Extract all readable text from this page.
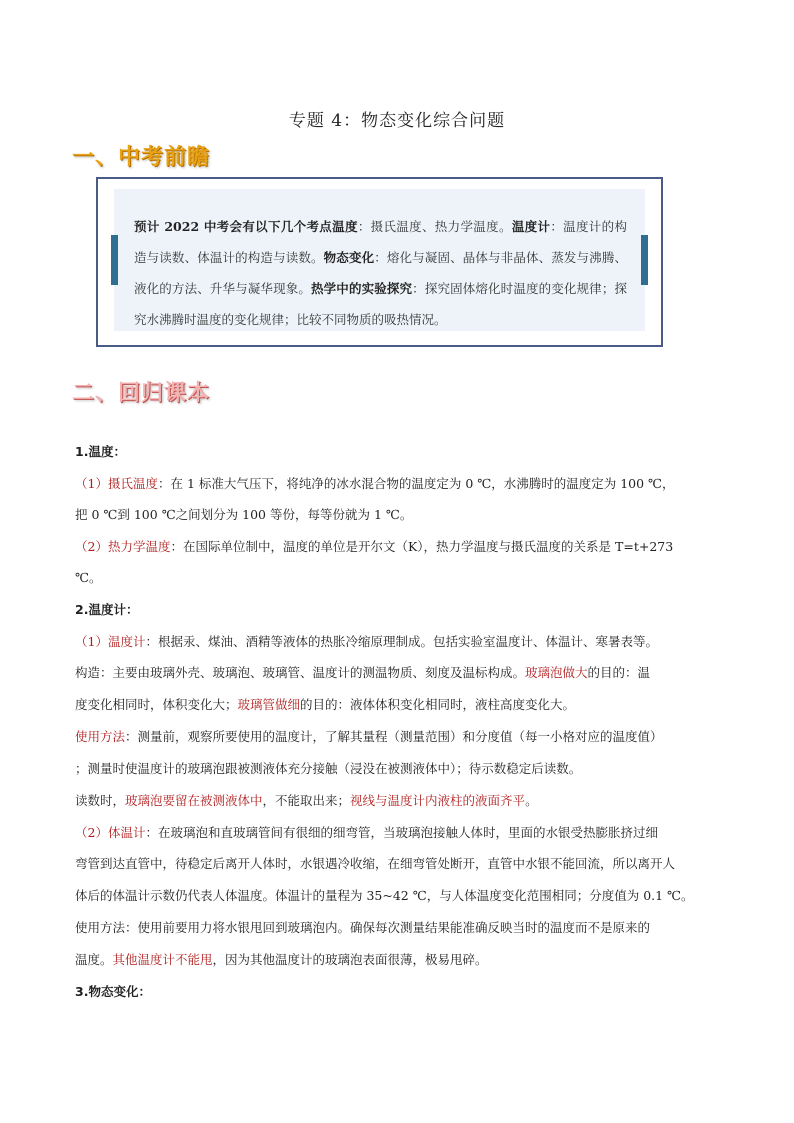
专题 4：物态变化综合问题
一、中考前瞻
预计 2022 中考会有以下几个考点温度：摄氏温度、热力学温度。温度计：温度计的构造与读数、体温计的构造与读数。物态变化：熔化与凝固、晶体与非晶体、蒸发与沸腾、液化的方法、升华与凝华现象。热学中的实验探究：探究固体熔化时温度的变化规律；探究水沸腾时温度的变化规律；比较不同物质的吸热情况。
二、回归课本
1.温度：
（1）摄氏温度：在 1 标准大气压下，将纯净的冰水混合物的温度定为 0 ℃，水沸腾时的温度定为 100 ℃，
把 0 ℃到 100 ℃之间划分为 100 等份，每等份就为 1 ℃。
（2）热力学温度：在国际单位制中，温度的单位是开尔文（K），热力学温度与摄氏温度的关系是 T=t+273
℃。
2.温度计：
（1）温度计：根据汞、煤油、酒精等液体的热胀冷缩原理制成。包括实验室温度计、体温计、寒暑表等。
构造：主要由玻璃外壳、玻璃泡、玻璃管、温度计的测温物质、刻度及温标构成。玻璃泡做大的目的：温
度变化相同时，体积变化大；玻璃管做细的目的：液体体积变化相同时，液柱高度变化大。
使用方法：测量前，观察所要使用的温度计，了解其量程（测量范围）和分度值（每一小格对应的温度值）
；测量时使温度计的玻璃泡跟被测液体充分接触（浸没在被测液体中）；待示数稳定后读数。
读数时，玻璃泡要留在被测液体中，不能取出来；视线与温度计内液柱的液面齐平。
（2）体温计：在玻璃泡和直玻璃管间有很细的细弯管，当玻璃泡接触人体时，里面的水银受热膨胀挤过细
弯管到达直管中，待稳定后离开人体时，水银遇冷收缩，在细弯管处断开，直管中水银不能回流，所以离开人
体后的体温计示数仍代表人体温度。体温计的量程为 35~42 ℃，与人体温度变化范围相同；分度值为 0.1 ℃。
使用方法：使用前要用力将水银甩回到玻璃泡内。确保每次测量结果能准确反映当时的温度而不是原来的
温度。其他温度计不能甩，因为其他温度计的玻璃泡表面很薄，极易甩碎。
3.物态变化：
